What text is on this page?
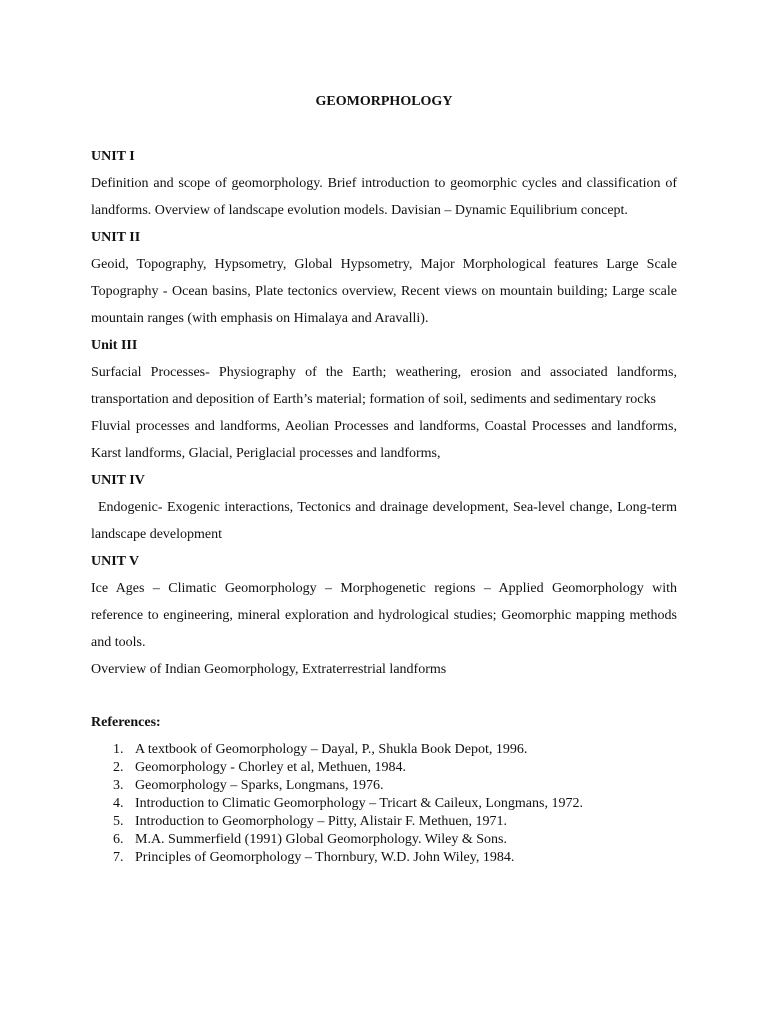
GEOMORPHOLOGY
UNIT I

Definition and scope of geomorphology. Brief introduction to geomorphic cycles and classification of landforms. Overview of landscape evolution models. Davisian – Dynamic Equilibrium concept.

UNIT II

Geoid, Topography, Hypsometry, Global Hypsometry, Major Morphological features Large Scale Topography - Ocean basins, Plate tectonics overview, Recent views on mountain building; Large scale mountain ranges (with emphasis on Himalaya and Aravalli).

Unit III

Surfacial Processes- Physiography of the Earth; weathering, erosion and associated landforms, transportation and deposition of Earth’s material; formation of soil, sediments and sedimentary rocks

Fluvial processes and landforms, Aeolian Processes and landforms, Coastal Processes and landforms, Karst landforms, Glacial, Periglacial processes and landforms,

UNIT IV

Endogenic- Exogenic interactions, Tectonics and drainage development, Sea-level change, Long-term landscape development

UNIT V

Ice Ages – Climatic Geomorphology – Morphogenetic regions – Applied Geomorphology with reference to engineering, mineral exploration and hydrological studies; Geomorphic mapping methods and tools.

Overview of Indian Geomorphology, Extraterrestrial landforms

References:
1. A textbook of Geomorphology – Dayal, P., Shukla Book Depot, 1996.
2. Geomorphology - Chorley et al, Methuen, 1984.
3. Geomorphology – Sparks, Longmans, 1976.
4. Introduction to Climatic Geomorphology – Tricart & Caileux, Longmans, 1972.
5. Introduction to Geomorphology – Pitty, Alistair F. Methuen, 1971.
6. M.A. Summerfield (1991) Global Geomorphology. Wiley & Sons.
7. Principles of Geomorphology – Thornbury, W.D. John Wiley, 1984.
